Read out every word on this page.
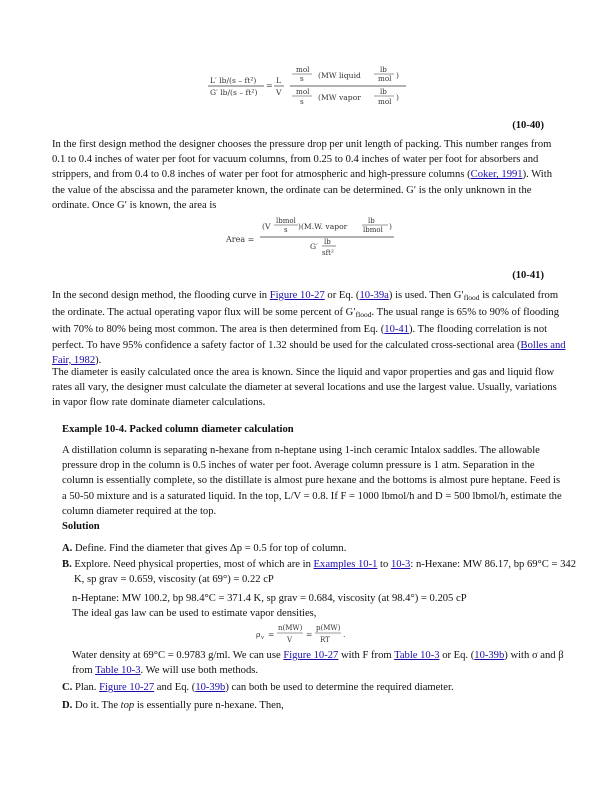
L′ lb/(s – ft²)
G′ lb/(s – ft²)
=
L
V
mol
s (MW liquid
lb
mol )
mol
s (MW vapor
lb
mol )
(10-40)

In the first design method the designer chooses the pressure drop per unit length of packing. This number ranges from 0.1 to 0.4 inches of water per foot for vacuum columns, from 0.25 to 0.4 inches of water per foot for absorbers and strippers, and from 0.4 to 0.8 inches of water per foot for atmospheric and high-pressure columns (Coker, 1991). With the value of the abscissa and the parameter known, the ordinate can be determined. G′ is the only unknown in the ordinate. Once G′ is known, the area is

Area =
(V
lbmol
s )(M.W. vapor
lb
lbmol )
G′ lb
sft²
(10-41)

In the second design method, the flooding curve in Figure 10-27 or Eq. (10-39a) is used. Then $G'_{flood}$ is calculated from the ordinate. The actual operating vapor flux will be some percent of $G'_{flood}$. The usual range is 65% to 90% of flooding with 70% to 80% being most common. The area is then determined from Eq. (10-41). The flooding correlation is not perfect. To have 95% confidence a safety factor of 1.32 should be used for the calculated cross-sectional area (Bolles and Fair, 1982).

The diameter is easily calculated once the area is known. Since the liquid and vapor properties and gas and liquid flow rates all vary, the designer must calculate the diameter at several locations and use the largest value. Usually, variations in vapor flow rate dominate diameter calculations.

Example 10-4. Packed column diameter calculation

A distillation column is separating n-hexane from n-heptane using 1-inch ceramic Intalox saddles. The allowable pressure drop in the column is 0.5 inches of water per foot. Average column pressure is 1 atm. Separation in the column is essentially complete, so the distillate is almost pure hexane and the bottoms is almost pure heptane. Feed is a 50-50 mixture and is a saturated liquid. In the top, L/V = 0.8. If F = 1000 lbmol/h and D = 500 lbmol/h, estimate the column diameter required at the top.

Solution

A. Define. Find the diameter that gives Δp = 0.5 for top of column.

B. Explore. Need physical properties, most of which are in Examples 10-1 to 10-3: n-Hexane: MW 86.17, bp 69°C = 342 K, sp grav = 0.659, viscosity (at 69°) = 0.22 cP

n-Heptane: MW 100.2, bp 98.4°C = 371.4 K, sp grav = 0.684, viscosity (at 98.4°) = 0.205 cP

The ideal gas law can be used to estimate vapor densities,

ρ v =
n(MW)
V
=
p(MW)
RT
.

Water density at 69°C = 0.9783 g/ml. We can use Figure 10-27 with F from Table 10-3 or Eq. (10-39b) with σ and β from Table 10-3. We will use both methods.

C. Plan. Figure 10-27 and Eq. (10-39b) can both be used to determine the required diameter.

D. Do it. The top is essentially pure n-hexane. Then,
